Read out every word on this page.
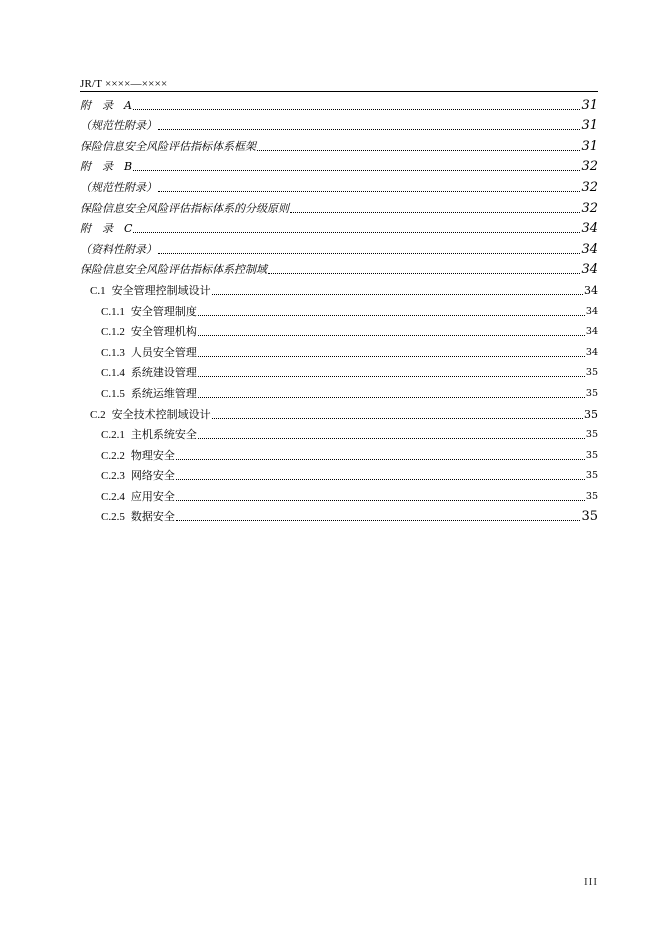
JR/T ××××—××××
附　录　A	31
（规范性附录）	31
保险信息安全风险评估指标体系框架	31
附　录　B	32
（规范性附录）	32
保险信息安全风险评估指标体系的分级原则	32
附　录　C	34
（资料性附录）	34
保险信息安全风险评估指标体系控制域	34
C.1 安全管理控制域设计	34
C.1.1 安全管理制度	34
C.1.2 安全管理机构	34
C.1.3 人员安全管理	34
C.1.4 系统建设管理	35
C.1.5 系统运维管理	35
C.2 安全技术控制域设计	35
C.2.1 主机系统安全	35
C.2.2 物理安全	35
C.2.3 网络安全	35
C.2.4 应用安全	35
C.2.5 数据安全	35
III
